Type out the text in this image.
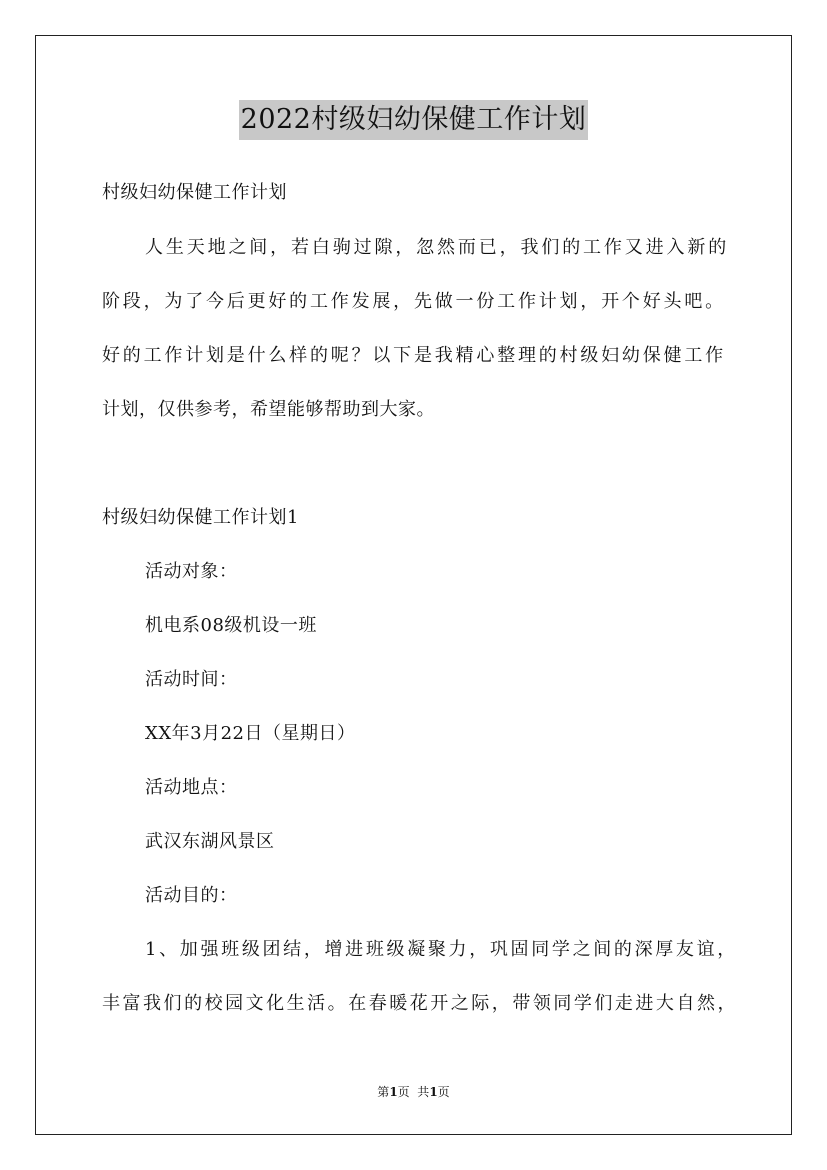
2022村级妇幼保健工作计划
村级妇幼保健工作计划
人 生 天 地 之 间 ， 若 白 驹 过 隙 ， 忽 然 而 已 ， 我 们 的 工 作 又 进 入 新 的
阶 段 ， 为 了 今 后 更 好 的 工 作 发 展 ， 先 做 一 份 工 作 计 划 ， 开 个 好 头 吧 。
好 的 工 作 计 划 是 什 么 样 的 呢 ？ 以 下 是 我 精 心 整 理 的 村 级 妇 幼 保 健 工 作
计划，仅供参考，希望能够帮助到大家。
村级妇幼保健工作计划1
活动对象：
机电系08级机设一班
活动时间：
XX年3月22日（星期日）
活动地点：
武汉东湖风景区
活动目的：
1 、 加 强 班 级 团 结 ， 增 进 班 级 凝 聚 力 ， 巩 固 同 学 之 间 的 深 厚 友 谊 ，
丰 富 我 们 的 校 园 文 化 生 活 。 在 春 暖 花 开 之 际 ， 带 领 同 学 们 走 进 大 自 然 ，
第1页  共1页
